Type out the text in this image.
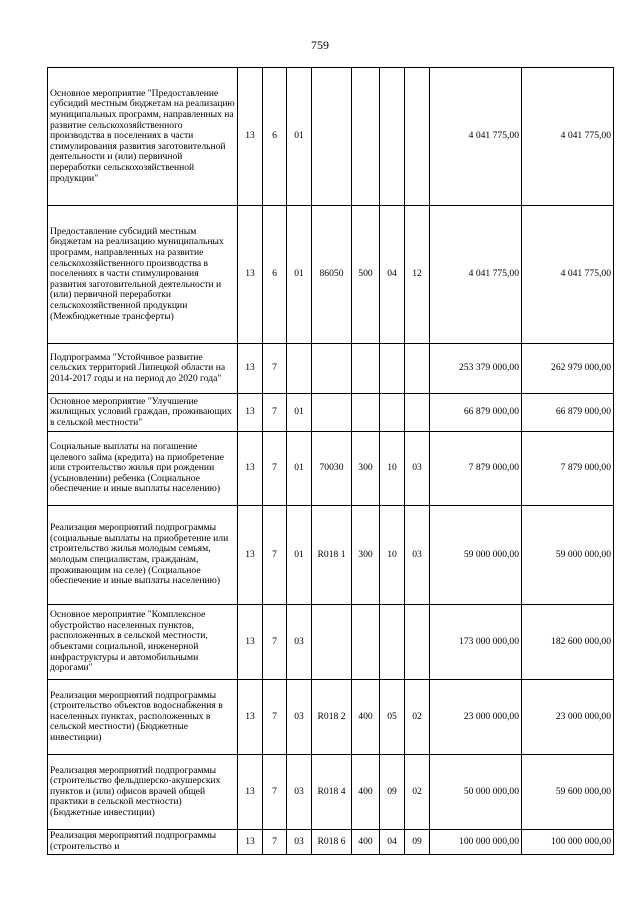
759
Основное мероприятие "Предоставление субсидий местным бюджетам на реализацию муниципальных программ, направленных на развитие сельскохозяйственного производства в поселениях в части стимулирования развития заготовительной деятельности и (или) первичной переработки сельскохозяйственной продукции"	13	6	01					4 041 775,00	4 041 775,00
Предоставление субсидий местным бюджетам на реализацию муниципальных программ, направленных на развитие сельскохозяйственного производства в поселениях в части стимулирования развития заготовительной деятельности и (или) первичной переработки сельскохозяйственной продукции (Межбюджетные трансферты)	13	6	01	86050	500	04	12	4 041 775,00	4 041 775,00
Подпрограмма "Устойчивое развитие сельских территорий Липецкой области на 2014-2017 годы и на период до 2020 года"	13	7						253 379 000,00	262 979 000,00
Основное мероприятие "Улучшение жилищных условий граждан, проживающих в сельской местности"	13	7	01					66 879 000,00	66 879 000,00
Социальные выплаты на погашение целевого займа (кредита) на приобретение или строительство жилья при рождении (усыновлении) ребенка (Социальное обеспечение и иные выплаты населению)	13	7	01	70030	300	10	03	7 879 000,00	7 879 000,00
Реализация мероприятий подпрограммы (социальные выплаты на приобретение или строительство жилья молодым семьям, молодым специалистам, гражданам, проживающим на селе) (Социальное обеспечение и иные выплаты населению)	13	7	01	R018 1	300	10	03	59 000 000,00	59 000 000,00
Основное мероприятие "Комплексное обустройство населенных пунктов, расположенных в сельской местности, объектами социальной, инженерной инфраструктуры и автомобильными дорогами"	13	7	03					173 000 000,00	182 600 000,00
Реализация мероприятий подпрограммы (строительство объектов водоснабжения в населенных пунктах, расположенных в сельской местности) (Бюджетные инвестиции)	13	7	03	R018 2	400	05	02	23 000 000,00	23 000 000,00
Реализация мероприятий подпрограммы (строительство фельдшерско-акушерских пунктов и (или) офисов врачей общей практики в сельской местности) (Бюджетные инвестиции)	13	7	03	R018 4	400	09	02	50 000 000,00	59 600 000,00
Реализация мероприятий подпрограммы (строительство и	13	7	03	R018 6	400	04	09	100 000 000,00	100 000 000,00
